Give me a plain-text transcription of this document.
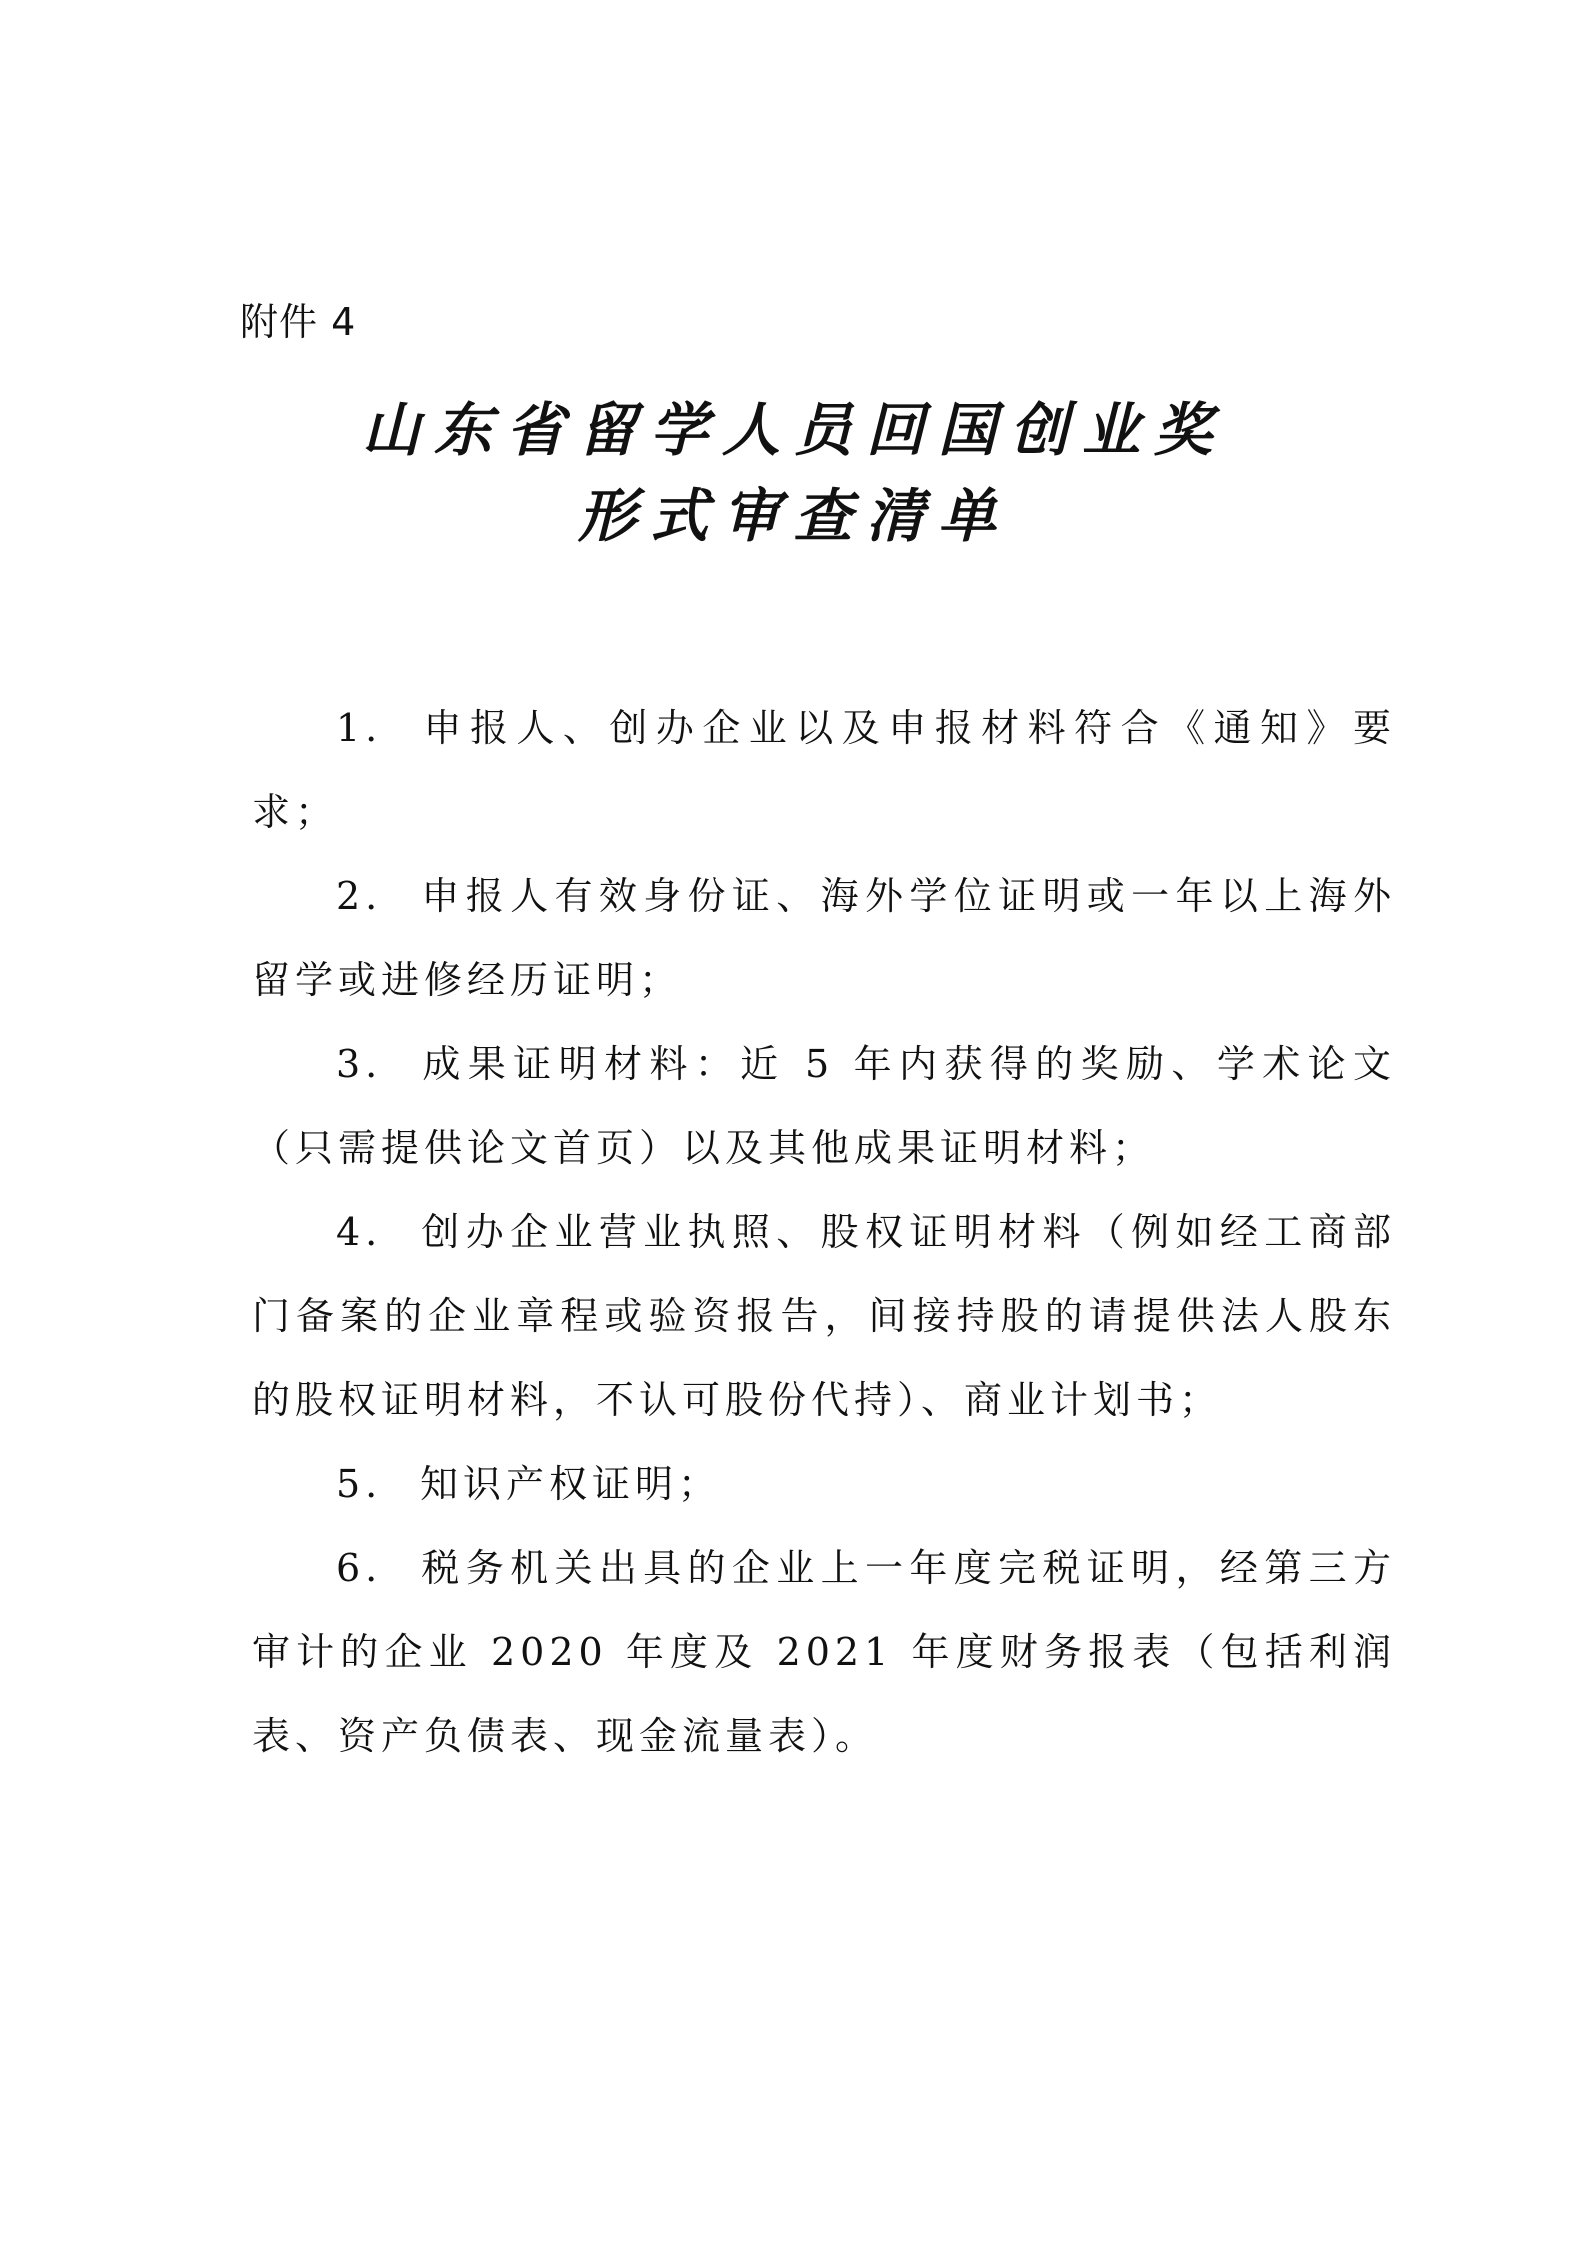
附件 4
山东省留学人员回国创业奖
形式审查清单

1. 申报人、创办企业以及申报材料符合《通知》要求；

2. 申报人有效身份证、海外学位证明或一年以上海外留学或进修经历证明；

3. 成果证明材料：近 5 年内获得的奖励、学术论文（只需提供论文首页）以及其他成果证明材料；

4. 创办企业营业执照、股权证明材料（例如经工商部门备案的企业章程或验资报告，间接持股的请提供法人股东的股权证明材料，不认可股份代持）、商业计划书；

5. 知识产权证明；

6. 税务机关出具的企业上一年度完税证明，经第三方审计的企业 2020 年度及 2021 年度财务报表（包括利润表、资产负债表、现金流量表）。
